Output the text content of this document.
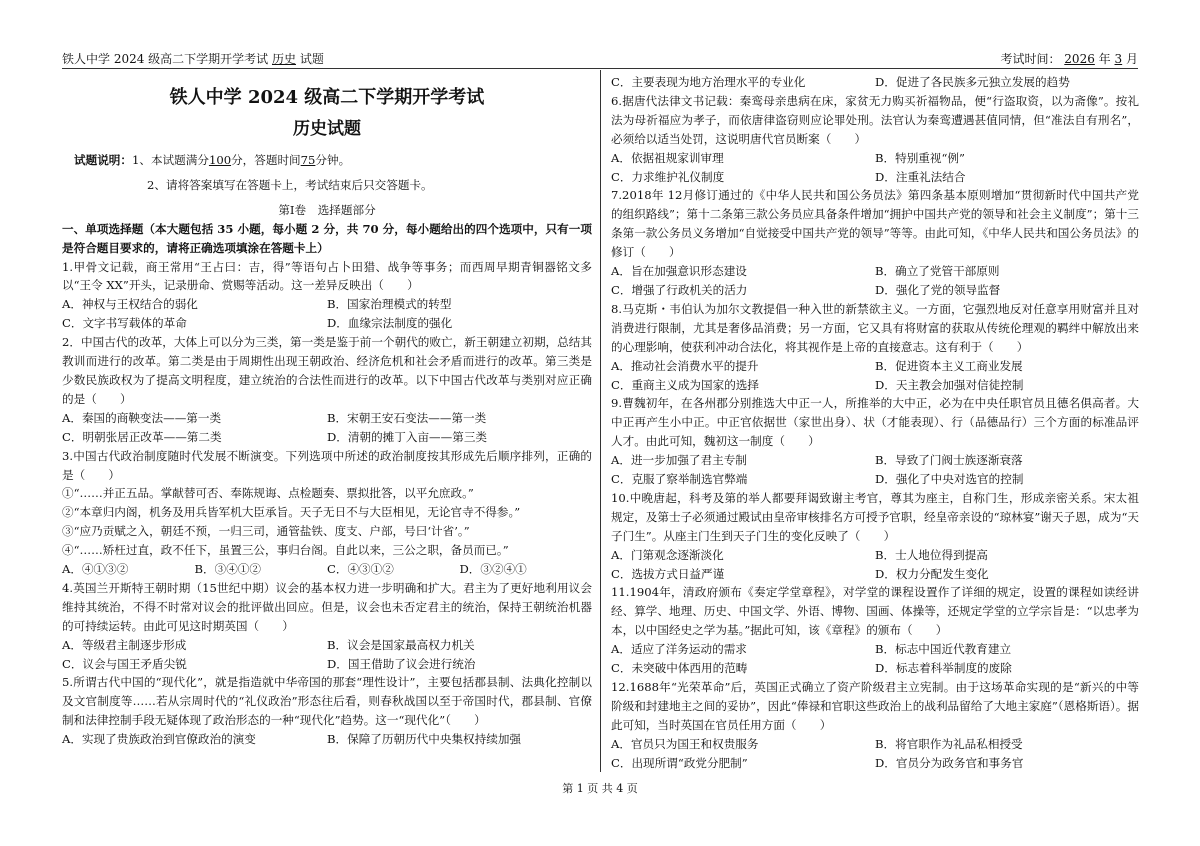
铁人中学 2024 级高二下学期开学考试 历史 试题	考试时间： 2026 年 3 月
铁人中学 2024 级高二下学期开学考试
历史试题
试题说明：1、本试题满分100分，答题时间75分钟。
2、请将答案填写在答题卡上，考试结束后只交答题卡。
第Ⅰ卷　选择题部分

一、单项选择题（本大题包括 35 小题，每小题 2 分，共 70 分，每小题给出的四个选项中，只有一项是符合题目要求的，请将正确选项填涂在答题卡上）

1.甲骨文记载，商王常用“王占曰：吉，得”等语句占卜田猎、战争等事务；而西周早期青铜器铭文多以“王令 XX”开头，记录册命、赏赐等活动。这一差异反映出（　　）

A．神权与王权结合的弱化	B．国家治理模式的转型
C．文字书写载体的革命	D．血缘宗法制度的强化

2．中国古代的改革，大体上可以分为三类，第一类是鉴于前一个朝代的败亡，新王朝建立初期，总结其教训而进行的改革。第二类是由于周期性出现王朝政治、经济危机和社会矛盾而进行的改革。第三类是少数民族政权为了提高文明程度，建立统治的合法性而进行的改革。以下中国古代改革与类别对应正确的是（　　）

A．秦国的商鞅变法——第一类	B．宋朝王安石变法——第一类
C．明朝张居正改革——第二类	D．清朝的摊丁入亩——第三类

3.中国古代政治制度随时代发展不断演变。下列选项中所述的政治制度按其形成先后顺序排列，正确的是（　　）

①“……并正五品。掌献替可否、奉陈规诲、点检题奏、票拟批答，以平允庶政。”

②“本章归内阁，机务及用兵皆军机大臣承旨。天子无日不与大臣相见，无论官寺不得参。”

③“应乃贡赋之入，朝廷不预，一归三司，通管盐铁、度支、户部，号曰‘计省’。”

④“……矫枉过直，政不任下，虽置三公，事归台阁。自此以来，三公之职，备员而已。”

A．④①③②	B．③④①②	C．④③①②	D．③②④①

4.英国兰开斯特王朝时期（15世纪中期）议会的基本权力进一步明确和扩大。君主为了更好地利用议会维持其统治，不得不时常对议会的批评做出回应。但是，议会也未否定君主的统治，保持王朝统治机器的可持续运转。由此可见这时期英国（　　）

A．等级君主制逐步形成	B．议会是国家最高权力机关
C．议会与国王矛盾尖锐	D．国王借助了议会进行统治

5.所谓古代中国的“现代化”，就是指造就中华帝国的那套“理性设计”，主要包括郡县制、法典化控制以及文官制度等……若从宗周时代的“礼仪政治”形态往后看，则春秋战国以至于帝国时代，郡县制、官僚制和法律控制手段无疑体现了政治形态的一种“现代化”趋势。这一“现代化”（　　）

A．实现了贵族政治到官僚政治的演变	B．保障了历朝历代中央集权持续加强
C．主要表现为地方治理水平的专业化	D．促进了各民族多元独立发展的趋势

6.据唐代法律文书记载：秦鸾母亲患病在床，家贫无力购买祈福物品，便“行盗取资，以为斋像”。按礼法为母祈福应为孝子，而依唐律盗窃则应论罪处刑。法官认为秦鸾遭遇甚值同情，但“准法自有刑名”，必须给以适当处罚，这说明唐代官员断案（　　）

A．依据祖规家训审理	B．特别重视“例”
C．力求维护礼仪制度	D．注重礼法结合

7.2018年 12月修订通过的《中华人民共和国公务员法》第四条基本原则增加“贯彻新时代中国共产党的组织路线”；第十二条第三款公务员应具备条件增加“拥护中国共产党的领导和社会主义制度”；第十三条第一款公务员义务增加“自觉接受中国共产党的领导”等等。由此可知，《中华人民共和国公务员法》的修订（　　）

A．旨在加强意识形态建设	B．确立了党管干部原则
C．增强了行政机关的活力	D．强化了党的领导监督

8.马克斯・韦伯认为加尔文教提倡一种入世的新禁欲主义。一方面，它强烈地反对任意享用财富并且对消费进行限制，尤其是奢侈品消费；另一方面，它又具有将财富的获取从传统伦理观的羁绊中解放出来的心理影响，使获利冲动合法化，将其视作是上帝的直接意志。这有利于（　　）

A．推动社会消费水平的提升	B．促进资本主义工商业发展
C．重商主义成为国家的选择	D．天主教会加强对信徒控制

9.曹魏初年，在各州郡分别推选大中正一人，所推举的大中正，必为在中央任职官员且德名俱高者。大中正再产生小中正。中正官依据世（家世出身）、状（才能表现）、行（品德品行）三个方面的标准品评人才。由此可知，魏初这一制度（　　）

A．进一步加强了君主专制	B．导致了门阀士族逐渐衰落
C．克服了察举制选官弊端	D．强化了中央对选官的控制

10.中晚唐起，科考及第的举人都要拜谒致谢主考官，尊其为座主，自称门生，形成亲密关系。宋太祖规定，及第士子必须通过殿试由皇帝审核排名方可授予官职，经皇帝亲设的“琼林宴”谢天子恩，成为“天子门生”。从座主门生到天子门生的变化反映了（　　）

A．门第观念逐渐淡化	B．士人地位得到提高
C．选拔方式日益严谨	D．权力分配发生变化

11.1904年，清政府颁布《奏定学堂章程》，对学堂的课程设置作了详细的规定，设置的课程如读经讲经、算学、地理、历史、中国文学、外语、博物、国画、体操等，还规定学堂的立学宗旨是：“以忠孝为本，以中国经史之学为基。”据此可知，该《章程》的颁布（　　）

A．适应了洋务运动的需求	B．标志中国近代教育建立
C．未突破中体西用的范畴	D．标志着科举制度的废除

12.1688年“光荣革命”后，英国正式确立了资产阶级君主立宪制。由于这场革命实现的是“新兴的中等阶级和封建地主之间的妥协”，因此“俸禄和官职这些政治上的战利品留给了大地主家庭”（恩格斯语）。据此可知，当时英国在官员任用方面（　　）

A．官员只为国王和权贵服务	B．将官职作为礼品私相授受
C．出现所谓“政党分肥制”	D．官员分为政务官和事务官
第 1 页 共 4 页
